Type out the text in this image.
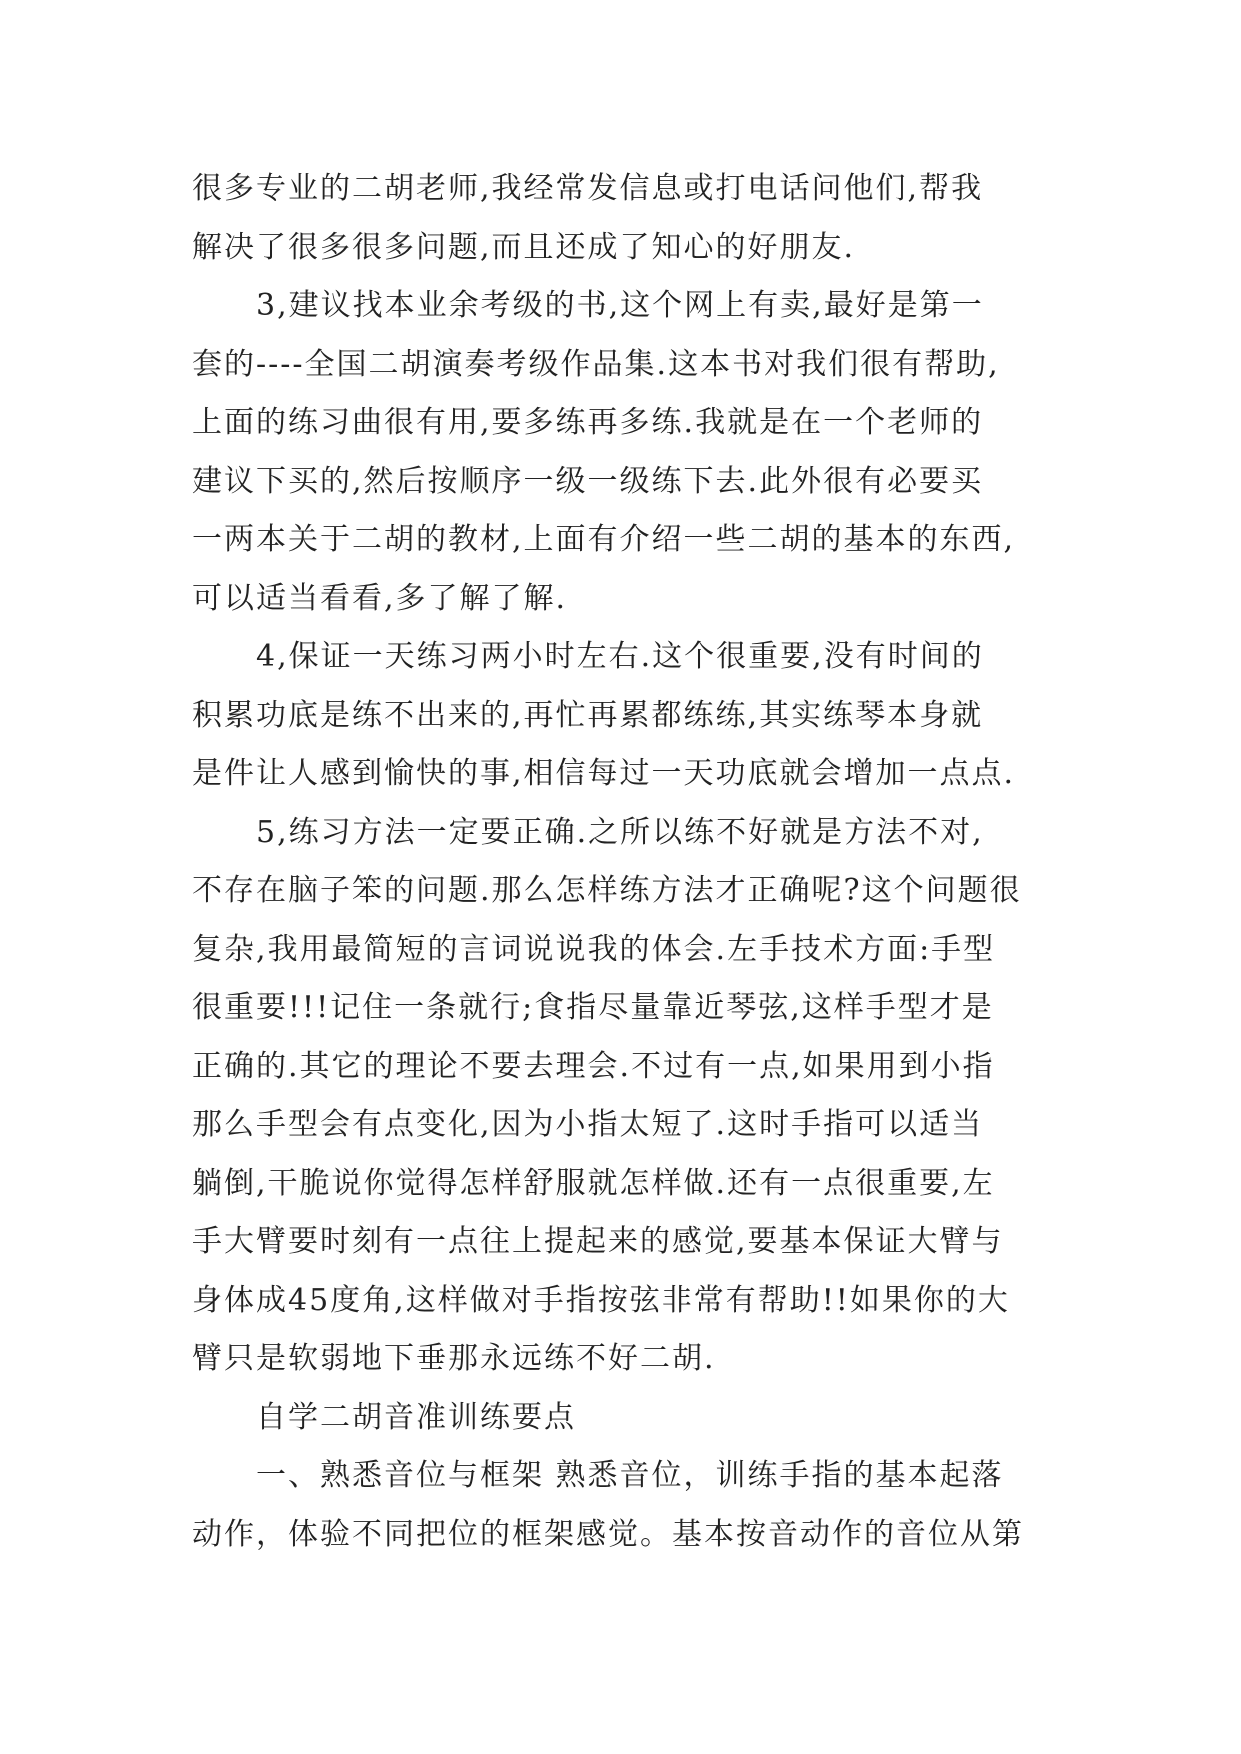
很多专业的二胡老师,我经常发信息或打电话问他们,帮我
解决了很多很多问题,而且还成了知心的好朋友.
3,建议找本业余考级的书,这个网上有卖,最好是第一
套的----全国二胡演奏考级作品集.这本书对我们很有帮助,
上面的练习曲很有用,要多练再多练.我就是在一个老师的
建议下买的,然后按顺序一级一级练下去.此外很有必要买
一两本关于二胡的教材,上面有介绍一些二胡的基本的东西,
可以适当看看,多了解了解.
4,保证一天练习两小时左右.这个很重要,没有时间的
积累功底是练不出来的,再忙再累都练练,其实练琴本身就
是件让人感到愉快的事,相信每过一天功底就会增加一点点.
5,练习方法一定要正确.之所以练不好就是方法不对,
不存在脑子笨的问题.那么怎样练方法才正确呢?这个问题很
复杂,我用最简短的言词说说我的体会.左手技术方面:手型
很重要!!!记住一条就行;食指尽量靠近琴弦,这样手型才是
正确的.其它的理论不要去理会.不过有一点,如果用到小指
那么手型会有点变化,因为小指太短了.这时手指可以适当
躺倒,干脆说你觉得怎样舒服就怎样做.还有一点很重要,左
手大臂要时刻有一点往上提起来的感觉,要基本保证大臂与
身体成45度角,这样做对手指按弦非常有帮助!!如果你的大
臂只是软弱地下垂那永远练不好二胡.
自学二胡音准训练要点
一、熟悉音位与框架 熟悉音位，训练手指的基本起落
动作，体验不同把位的框架感觉。基本按音动作的音位从第
